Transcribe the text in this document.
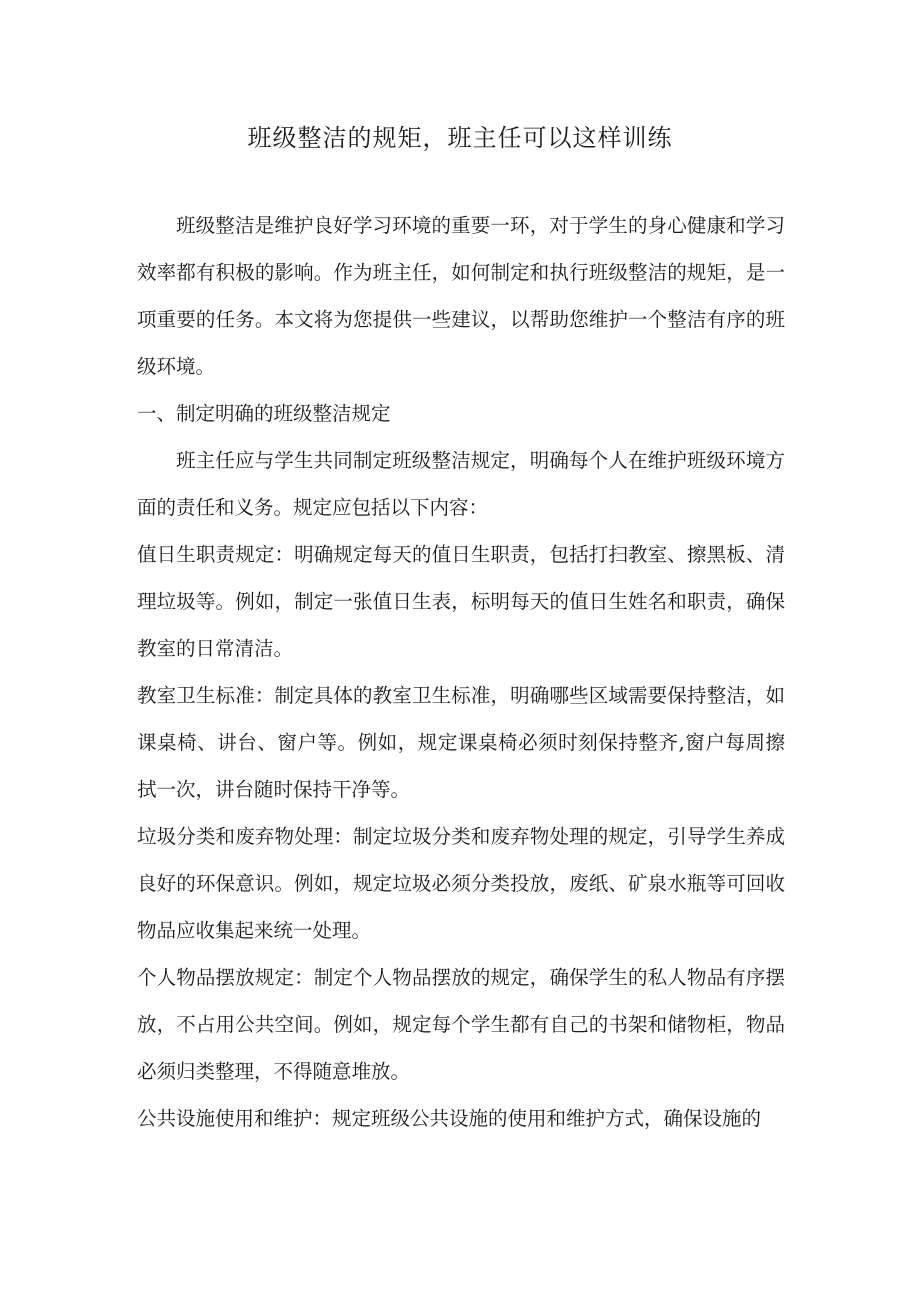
班级整洁的规矩，班主任可以这样训练

班级整洁是维护良好学习环境的重要一环，对于学生的身心健康和学习效率都有积极的影响。作为班主任，如何制定和执行班级整洁的规矩，是一项重要的任务。本文将为您提供一些建议，以帮助您维护一个整洁有序的班级环境。

一、制定明确的班级整洁规定

班主任应与学生共同制定班级整洁规定，明确每个人在维护班级环境方面的责任和义务。规定应包括以下内容：

值日生职责规定：明确规定每天的值日生职责，包括打扫教室、擦黑板、清理垃圾等。例如，制定一张值日生表，标明每天的值日生姓名和职责，确保教室的日常清洁。

教室卫生标准：制定具体的教室卫生标准，明确哪些区域需要保持整洁，如课桌椅、讲台、窗户等。例如，规定课桌椅必须时刻保持整齐,窗户每周擦拭一次，讲台随时保持干净等。

垃圾分类和废弃物处理：制定垃圾分类和废弃物处理的规定，引导学生养成良好的环保意识。例如，规定垃圾必须分类投放，废纸、矿泉水瓶等可回收物品应收集起来统一处理。

个人物品摆放规定：制定个人物品摆放的规定，确保学生的私人物品有序摆放，不占用公共空间。例如，规定每个学生都有自己的书架和储物柜，物品必须归类整理，不得随意堆放。

公共设施使用和维护：规定班级公共设施的使用和维护方式，确保设施的
